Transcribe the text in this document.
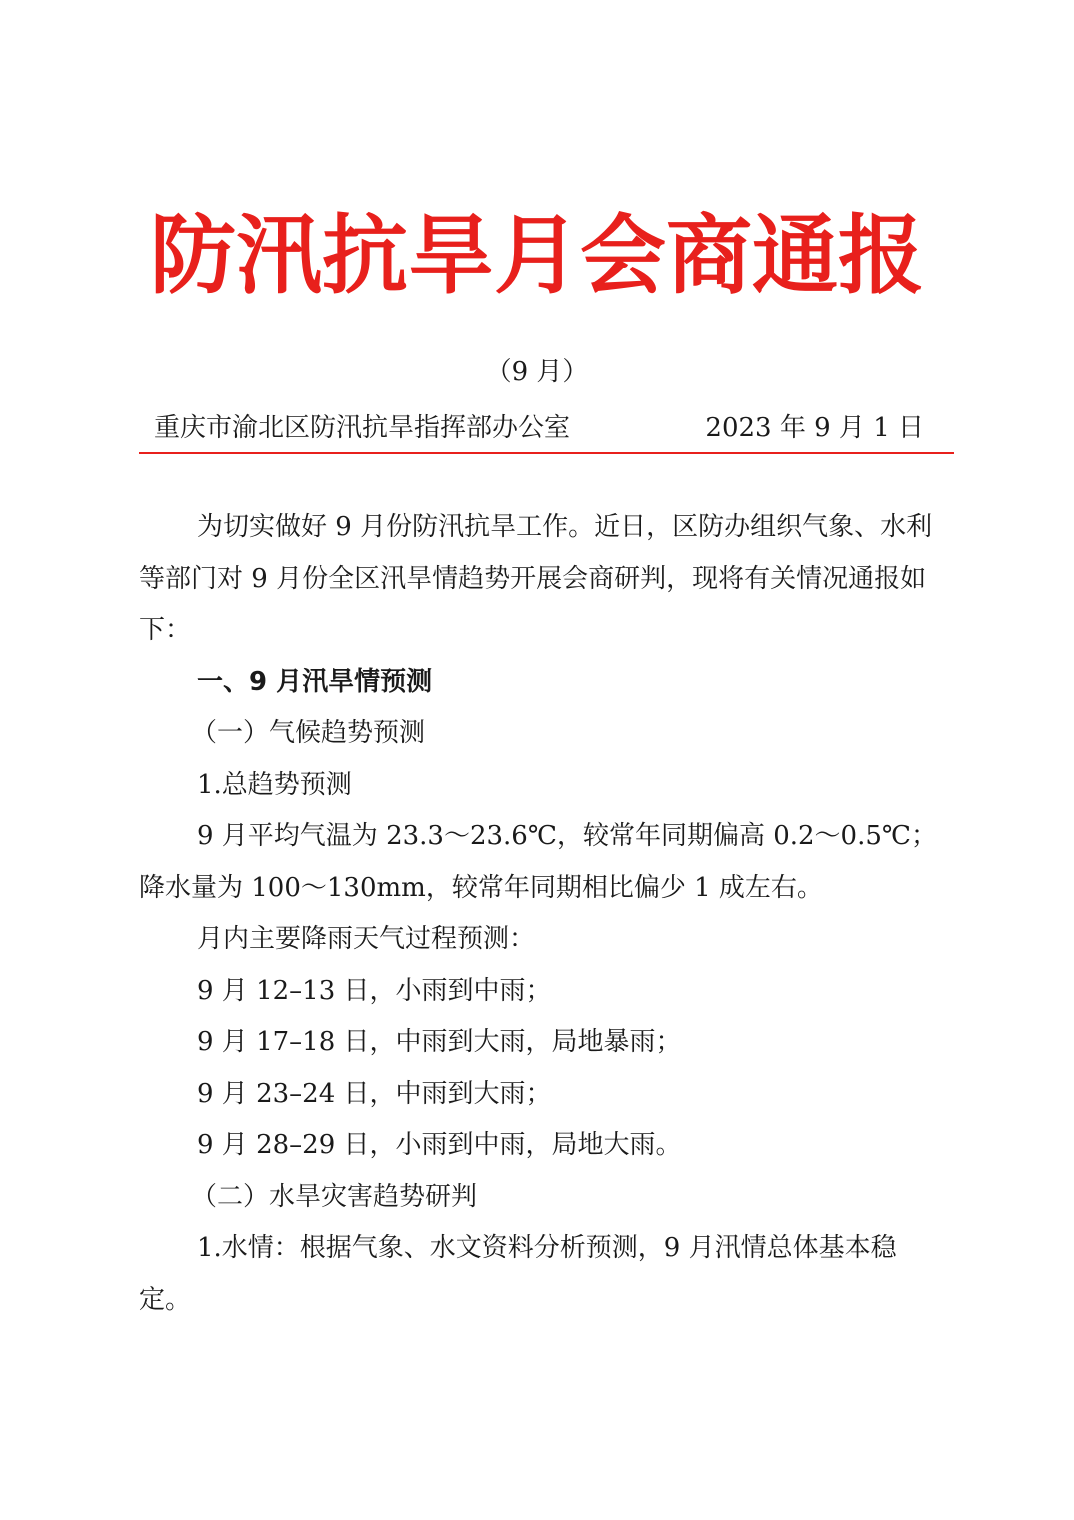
防汛抗旱月会商通报
（9 月）
重庆市渝北区防汛抗旱指挥部办公室	2023 年 9 月 1 日

为切实做好 9 月份防汛抗旱工作。近日，区防办组织气象、水利等部门对 9 月份全区汛旱情趋势开展会商研判，现将有关情况通报如下：

一、9 月汛旱情预测

（一）气候趋势预测

1.总趋势预测

9 月平均气温为 23.3～23.6℃，较常年同期偏高 0.2～0.5℃；降水量为 100～130mm，较常年同期相比偏少 1 成左右。

月内主要降雨天气过程预测：

9 月 12–13 日，小雨到中雨；

9 月 17–18 日，中雨到大雨，局地暴雨；

9 月 23–24 日，中雨到大雨；

9 月 28–29 日，小雨到中雨，局地大雨。

（二）水旱灾害趋势研判

1.水情：根据气象、水文资料分析预测，9 月汛情总体基本稳定。
